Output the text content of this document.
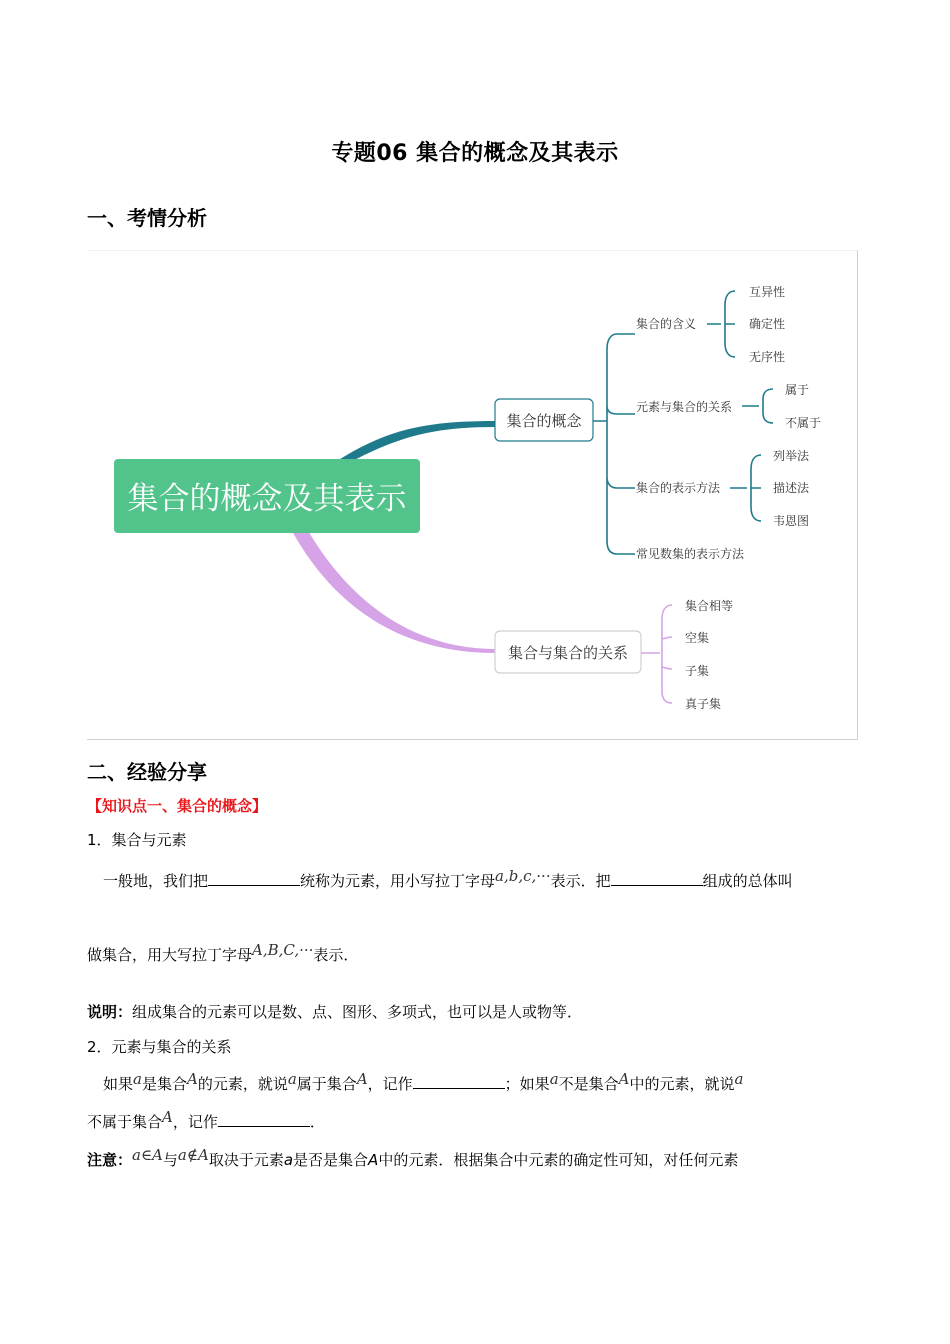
专题06 集合的概念及其表示
一、考情分析
集合的概念及其表示
集合的概念
集合的含义
元素与集合的关系
集合的表示方法
常见数集的表示方法
互异性
确定性
无序性
属于
不属于
列举法
描述法
韦恩图
集合与集合的关系
集合相等
空集
子集
真子集
二、经验分享
【知识点一、集合的概念】
1．集合与元素
一般地，我们把	统称为元素，用小写拉丁字母a,b,c,···表示．把	组成的总体叫
做集合，用大写拉丁字母A,B,C,···表示．
说明：组成集合的元素可以是数、点、图形、多项式，也可以是人或物等．
2．元素与集合的关系
如果a是集合A的元素，就说a属于集合A，记作	；如果a不是集合A中的元素，就说a
不属于集合A，记作	．
注意：a∈A与a∉A取决于元素a是否是集合A中的元素．根据集合中元素的确定性可知，对任何元素
